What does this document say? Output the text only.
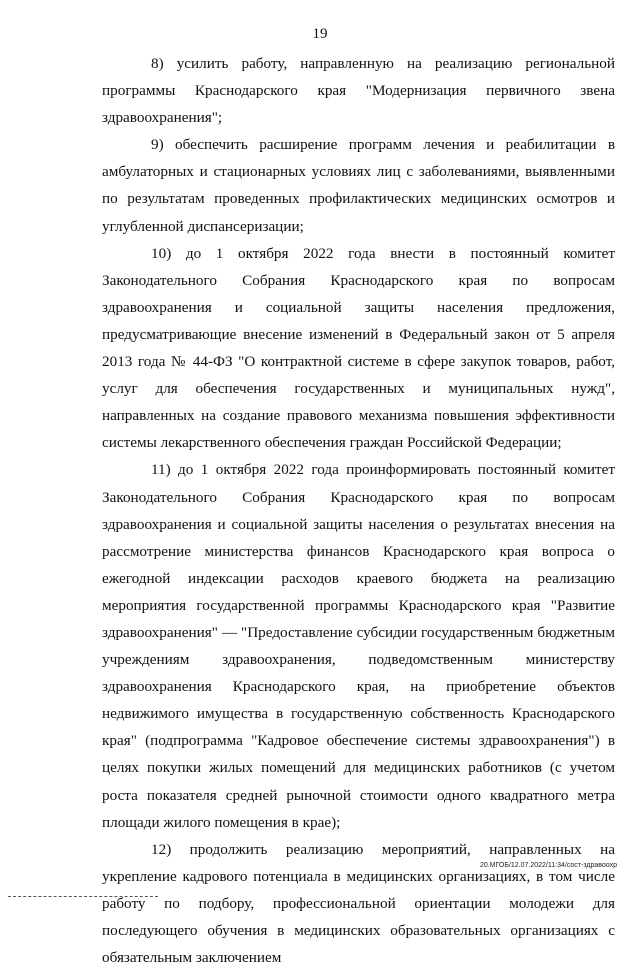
19

8) усилить работу, направленную на реализацию региональной программы Краснодарского края "Модернизация первичного звена здравоохранения";

9) обеспечить расширение программ лечения и реабилитации в амбулаторных и стационарных условиях лиц с заболеваниями, выявленными по результатам проведенных профилактических медицинских осмотров и углубленной диспансеризации;

10) до 1 октября 2022 года внести в постоянный комитет Законодательного Собрания Краснодарского края по вопросам здравоохранения и социальной защиты населения предложения, предусматривающие внесение изменений в Федеральный закон от 5 апреля 2013 года № 44-ФЗ "О контрактной системе в сфере закупок товаров, работ, услуг для обеспечения государственных и муниципальных нужд", направленных на создание правового механизма повышения эффективности системы лекарственного обеспечения граждан Российской Федерации;

11) до 1 октября 2022 года проинформировать постоянный комитет Законодательного Собрания Краснодарского края по вопросам здравоохранения и социальной защиты населения о результатах внесения на рассмотрение министерства финансов Краснодарского края вопроса о ежегодной индексации расходов краевого бюджета на реализацию мероприятия государственной программы Краснодарского края "Развитие здравоохранения" — "Предоставление субсидии государственным бюджетным учреждениям здравоохранения, подведомственным министерству здравоохранения Краснодарского края, на приобретение объектов недвижимого имущества в государственную собственность Краснодарского края" (подпрограмма "Кадровое обеспечение системы здравоохранения") в целях покупки жилых помещений для медицинских работников (с учетом роста показателя средней рыночной стоимости одного квадратного метра площади жилого помещения в крае);

12) продолжить реализацию мероприятий, направленных на укрепление кадрового потенциала в медицинских организациях, в том числе работу по подбору, профессиональной ориентации молодежи для последующего обучения в медицинских образовательных организациях с обязательным заключением

20.МГОБ/12.07.2022/11:34/сост-здравоохр
